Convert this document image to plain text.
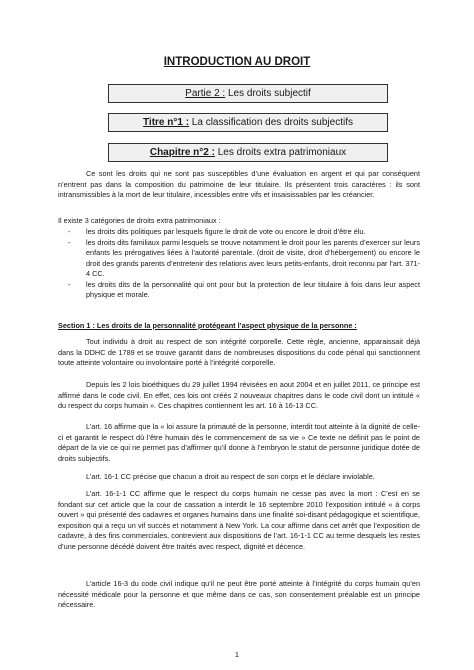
INTRODUCTION AU DROIT
Partie 2 : Les droits subjectif
Titre n°1 : La classification des droits subjectifs
Chapitre n°2 : Les droits extra patrimoniaux

Ce sont les droits qui ne sont pas susceptibles d’une évaluation en argent et qui par conséquent n’entrent pas dans la composition du patrimoine de leur titulaire. Ils présentent trois caractères : ils sont intransmissibles à la mort de leur titulaire, incessibles entre vifs et insaisissables par les créancier.

Il existe 3 catégories de droits extra patrimoniaux :

- les droits dits politiques par lesquels figure le droit de vote ou encore le droit d’être élu.
- les droits dits familiaux parmi lesquels se trouve notamment le droit pour les parents d’exercer sur leurs enfants les prérogatives liées à l’autorité parentale. (droit de visite, droit d’hébergement) ou encore le droit des grands parents d’entretenir des relations avec leurs petits-enfants, droit reconnu par l’art. 371-4 CC.
- les droits dits de la personnalité qui ont pour but la protection de leur titulaire à fois dans leur aspect physique et morale.
Section 1 : Les droits de la personnalité protégeant l’aspect physique de la personne :

Tout individu à droit au respect de son intégrité corporelle. Cette règle, ancienne, apparaissait déjà dans la DDHC de 1789 et se trouve garantit dans de nombreuses dispositions du code pénal qui sanctionnent toute atteinte volontaire ou involontaire porté à l’intégrité corporelle.

Depuis les 2 lois bioéthiques du 29 juillet 1994 révisées en aout 2004 et en juillet 2011, ce principe est affirmé dans le code civil. En effet, ces lois ont créés 2 nouveaux chapitres dans le code civil dont un intitulé « du respect du corps humain ». Ces chapitres contiennent les art. 16 à 16-13 CC.

L’art. 16 affirme que la « loi assure la primauté de la personne, interdit tout atteinte à la dignité de celle-ci et garantit le respect dû l’être humain dès le commencement de sa vie » Ce texte ne définit pas le point de départ de la vie ce qui ne permet pas d’affirmer qu’il donne à l’embryon le statut de personne juridique dotée de droits subjectifs.

L’art. 16-1 CC précise que chacun a droit au respect de son corps et le déclare inviolable.

L’art. 16-1-1 CC affirme que le respect du corps humain ne cesse pas avec la mort : C’est en se fondant sur cet article que la cour de cassation a interdit le 16 septembre 2010 l’exposition intitulé « à corps ouvert » qui présenté des cadavres et organes humains dans une finalité soi-disant pédagogique et scientifique, exposition qui a reçu un vif succès et notamment à New York. La cour affirme dans cet arrêt que l’exposition de cadavre, à des fins commerciales, contrevient aux dispositions de l’art. 16-1-1 CC au terme desquels les restes d’une personne décédé doivent être traités avec respect, dignité et décence.

L’article 16-3 du code civil indique qu’il ne peut être porté atteinte à l’intégrité du corps humain qu’en nécessité médicale pour la personne et que même dans ce cas, son consentement préalable est un principe nécessaire.

1
